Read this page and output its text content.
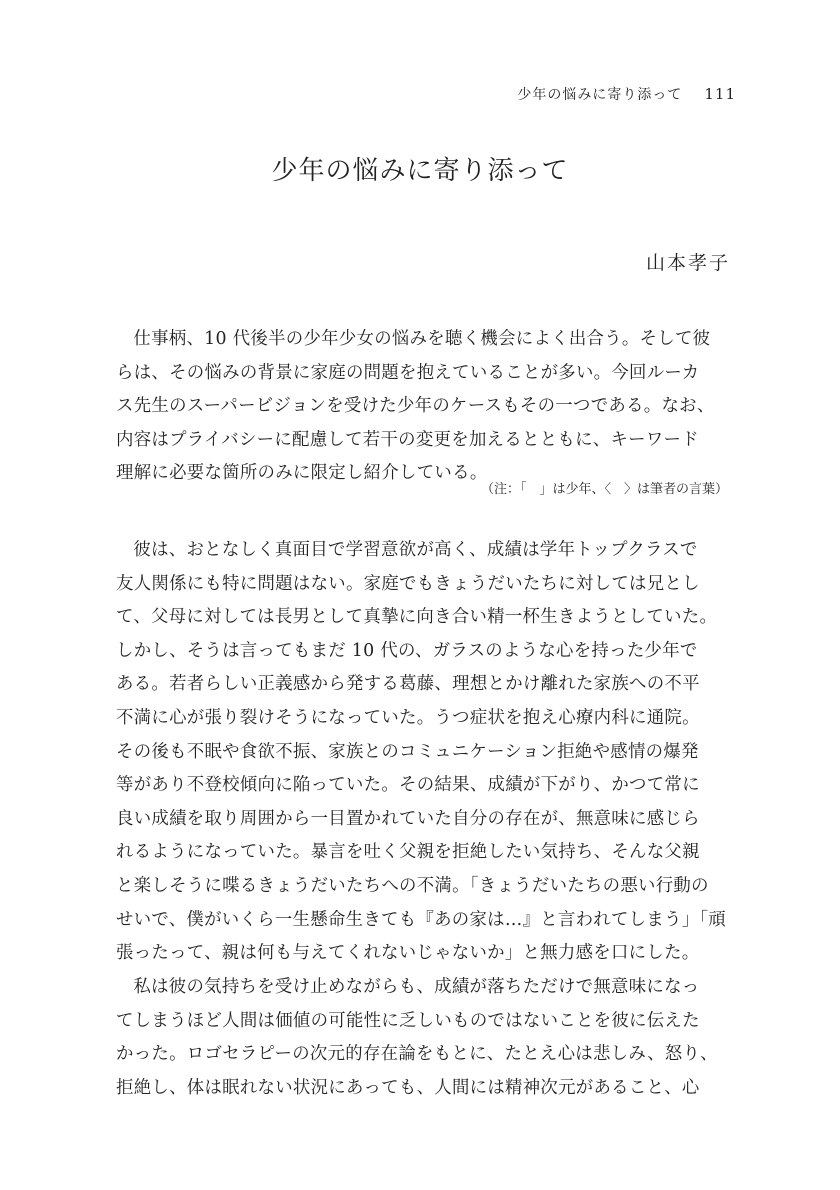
少年の悩みに寄り添って 111
少年の悩みに寄り添って
山本孝子
仕事柄、10 代後半の少年少女の悩みを聴く機会によく出合う。そして彼
らは、その悩みの背景に家庭の問題を抱えていることが多い。今回ルーカ
ス先生のスーパービジョンを受けた少年のケースもその一つである。なお、
内容はプライバシーに配慮して若干の変更を加えるとともに、キーワード
理解に必要な箇所のみに限定し紹介している。
（注：「　」は少年、〈　〉は筆者の言葉）
彼は、おとなしく真面目で学習意欲が高く、成績は学年トップクラスで
友人関係にも特に問題はない。家庭でもきょうだいたちに対しては兄とし
て、父母に対しては長男として真摯に向き合い精一杯生きようとしていた。
しかし、そうは言ってもまだ 10 代の、ガラスのような心を持った少年で
ある。若者らしい正義感から発する葛藤、理想とかけ離れた家族への不平
不満に心が張り裂けそうになっていた。うつ症状を抱え心療内科に通院。
その後も不眠や食欲不振、家族とのコミュニケーション拒絶や感情の爆発
等があり不登校傾向に陥っていた。その結果、成績が下がり、かつて常に
良い成績を取り周囲から一目置かれていた自分の存在が、無意味に感じら
れるようになっていた。暴言を吐く父親を拒絶したい気持ち、そんな父親
と楽しそうに喋るきょうだいたちへの不満。「きょうだいたちの悪い行動の
せいで、僕がいくら一生懸命生きても『あの家は…』と言われてしまう」「頑
張ったって、親は何も与えてくれないじゃないか」と無力感を口にした。
私は彼の気持ちを受け止めながらも、成績が落ちただけで無意味になっ
てしまうほど人間は価値の可能性に乏しいものではないことを彼に伝えた
かった。ロゴセラピーの次元的存在論をもとに、たとえ心は悲しみ、怒り、
拒絶し、体は眠れない状況にあっても、人間には精神次元があること、心
